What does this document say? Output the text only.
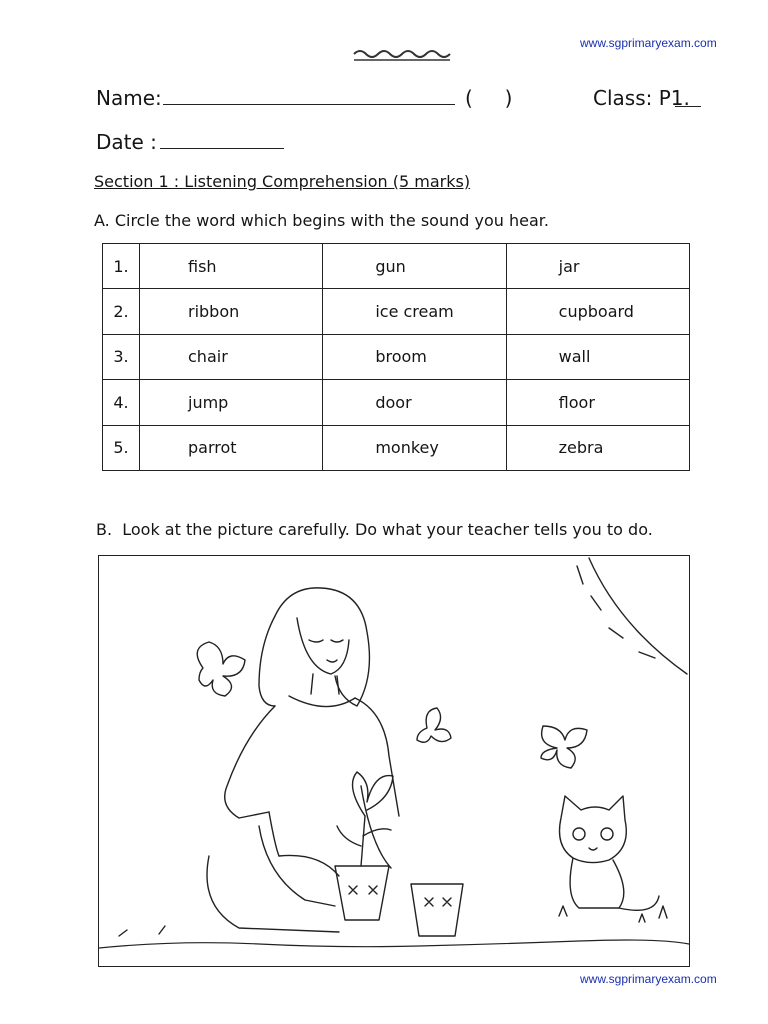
www.sgprimaryexam.com
www.sgprimaryexam.com
Name:	(     )	Class: P1.
Date :
Section 1 : Listening Comprehension (5 marks)
A. Circle the word which begins with the sound you hear.
1.	fish	gun	jar
2.	ribbon	ice cream	cupboard
3.	chair	broom	wall
4.	jump	door	floor
5.	parrot	monkey	zebra
B.  Look at the picture carefully. Do what your teacher tells you to do.
